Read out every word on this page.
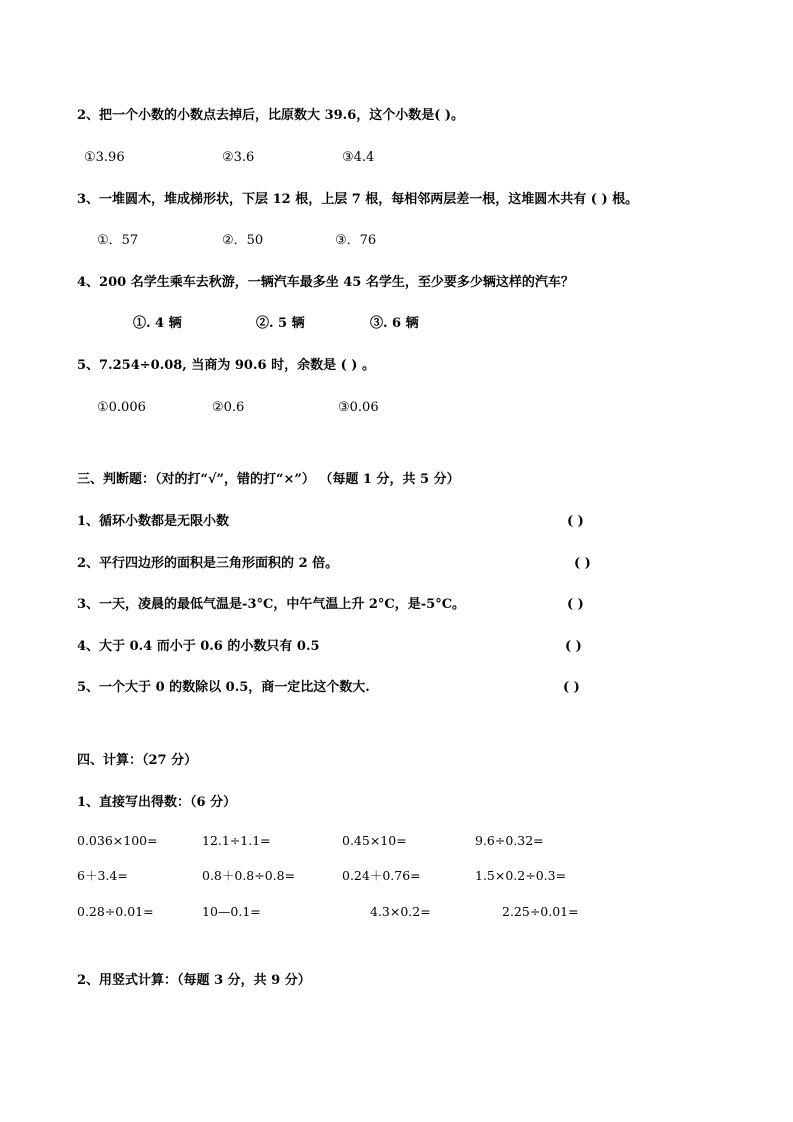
2、把一个小数的小数点去掉后，比原数大 39.6，这个小数是( )。
①3.96	②3.6	③4.4
3、一堆圆木，堆成梯形状，下层 12 根，上层 7 根，每相邻两层差一根，这堆圆木共有 ( ) 根。
①．57	②．50	③．76
4、200 名学生乘车去秋游，一辆汽车最多坐 45 名学生，至少要多少辆这样的汽车？
①. 4 辆	②. 5 辆	③. 6 辆
5、7.254÷0.08, 当商为 90.6 时，余数是 ( ) 。
①0.006	②0.6	③0.06
三、判断题：（对的打“√”，错的打“×”） （每题 1 分，共 5 分）
1、循环小数都是无限小数	( )
2、平行四边形的面积是三角形面积的 2 倍。	( )
3、一天，凌晨的最低气温是-3°C，中午气温上升 2°C，是-5°C。	( )
4、大于 0.4 而小于 0.6 的小数只有 0.5	( )
5、一个大于 0 的数除以 0.5，商一定比这个数大.	( )
四、计算：（27 分）
1、直接写出得数：（6 分）
0.036×100=	12.1÷1.1=	0.45×10=	9.6÷0.32=
6＋3.4=	0.8＋0.8÷0.8=	0.24＋0.76=	1.5×0.2÷0.3=
0.28÷0.01=	10—0.1=	4.3×0.2=	2.25÷0.01=
2、用竖式计算：（每题 3 分，共 9 分）
